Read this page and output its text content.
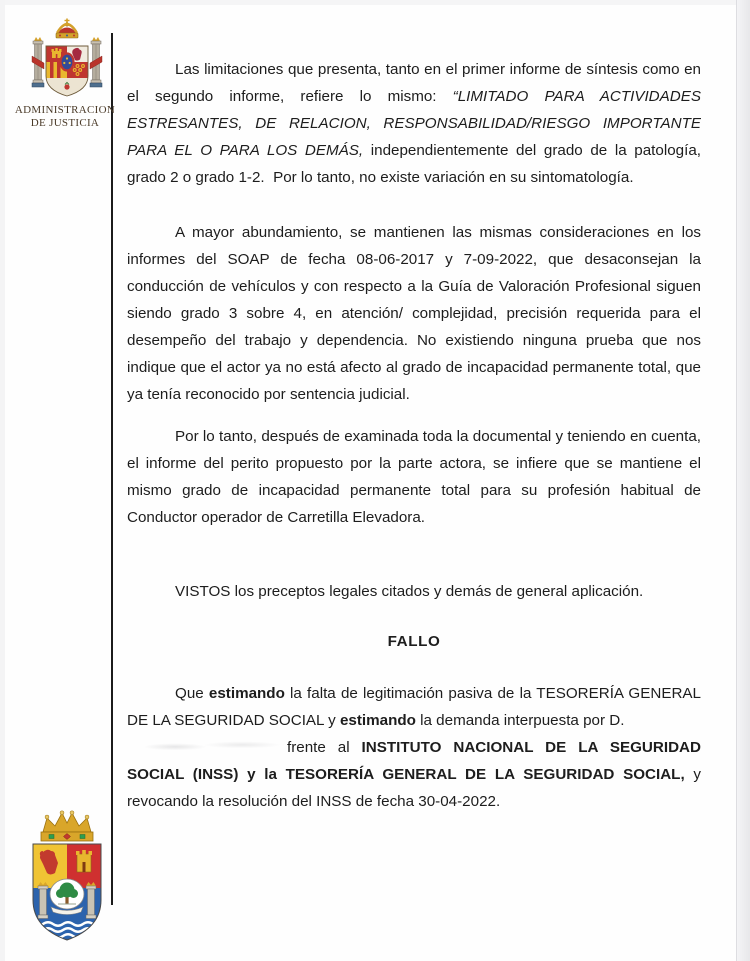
ADMINISTRACION
DE JUSTICIA
Las limitaciones que presenta, tanto en el primer informe de síntesis como en
el segundo informe, refiere lo mismo: “LIMITADO PARA ACTIVIDADES
ESTRESANTES, DE RELACION, RESPONSABILIDAD/RIESGO IMPORTANTE
PARA EL O PARA LOS DEMÁS, independientemente del grado de la patología,
grado 2 o grado 1-2.  Por lo tanto, no existe variación en su sintomatología.
A mayor abundamiento, se mantienen las mismas consideraciones en los
informes del SOAP de fecha 08-06-2017 y 7-09-2022, que desaconsejan la
conducción de vehículos y con respecto a la Guía de Valoración Profesional siguen
siendo grado 3 sobre 4, en atención/ complejidad, precisión requerida para el
desempeño del trabajo y dependencia. No existiendo ninguna prueba que nos
indique que el actor ya no está afecto al grado de incapacidad permanente total, que
ya tenía reconocido por sentencia judicial.
Por lo tanto, después de examinada toda la documental y teniendo en cuenta,
el informe del perito propuesto por la parte actora, se infiere que se mantiene el
mismo grado de incapacidad permanente total para su profesión habitual de
Conductor operador de Carretilla Elevadora.
VISTOS los preceptos legales citados y demás de general aplicación.
FALLO
Que estimando la falta de legitimación pasiva de la TESORERÍA GENERAL
DE LA SEGURIDAD SOCIAL y estimando la demanda interpuesta por D.
frente al INSTITUTO NACIONAL DE LA SEGURIDAD
SOCIAL (INSS) y la TESORERÍA GENERAL DE LA SEGURIDAD SOCIAL, y
revocando la resolución del INSS de fecha 30-04-2022.
